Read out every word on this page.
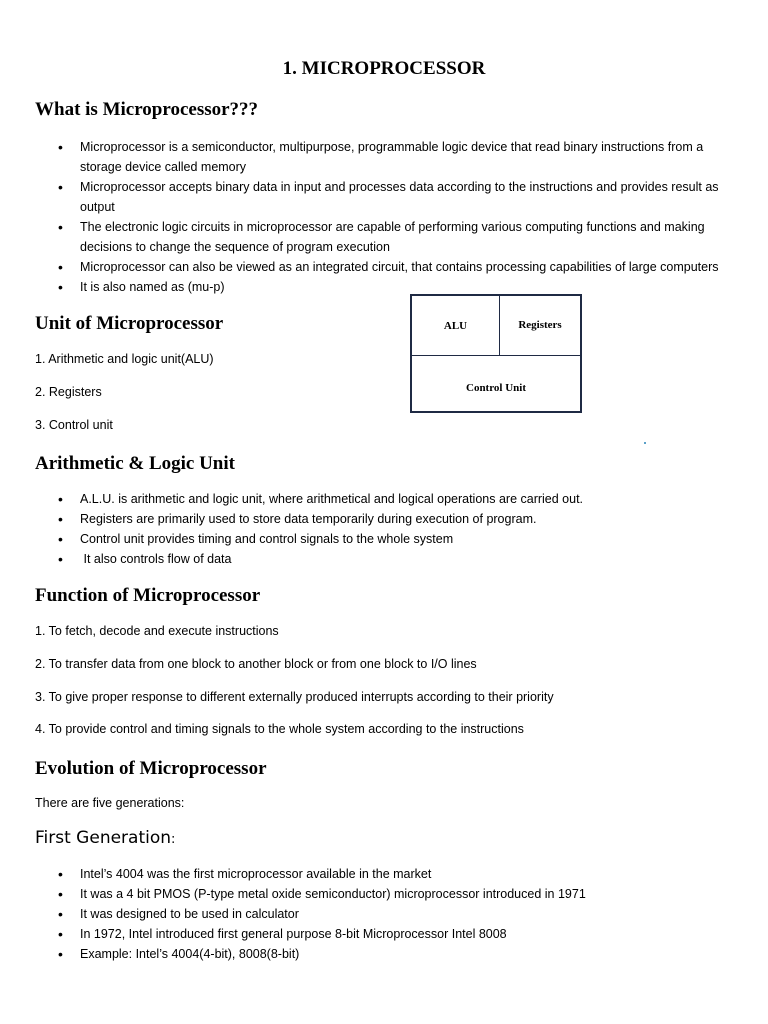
1. MICROPROCESSOR
What is Microprocessor???
• Microprocessor is a semiconductor, multipurpose, programmable logic device that read binary instructions from a
storage device called memory
• Microprocessor accepts binary data in input and processes data according to the instructions and provides result as
output
• The electronic logic circuits in microprocessor are capable of performing various computing functions and making
decisions to change the sequence of program execution
• Microprocessor can also be viewed as an integrated circuit, that contains processing capabilities of large computers
• It is also named as (mu-p)
Unit of Microprocessor
1. Arithmetic and logic unit(ALU)
2. Registers
3. Control unit
ALU	Registers
Control Unit
Arithmetic & Logic Unit
• A.L.U. is arithmetic and logic unit, where arithmetical and logical operations are carried out.
• Registers are primarily used to store data temporarily during execution of program.
• Control unit provides timing and control signals to the whole system
•  It also controls flow of data
Function of Microprocessor
1. To fetch, decode and execute instructions
2. To transfer data from one block to another block or from one block to I/O lines
3. To give proper response to different externally produced interrupts according to their priority
4. To provide control and timing signals to the whole system according to the instructions
Evolution of Microprocessor
There are five generations:
First Generation:
• Intel’s 4004 was the first microprocessor available in the market
• It was a 4 bit PMOS (P-type metal oxide semiconductor) microprocessor introduced in 1971
• It was designed to be used in calculator
• In 1972, Intel introduced first general purpose 8-bit Microprocessor Intel 8008
• Example: Intel’s 4004(4-bit), 8008(8-bit)
